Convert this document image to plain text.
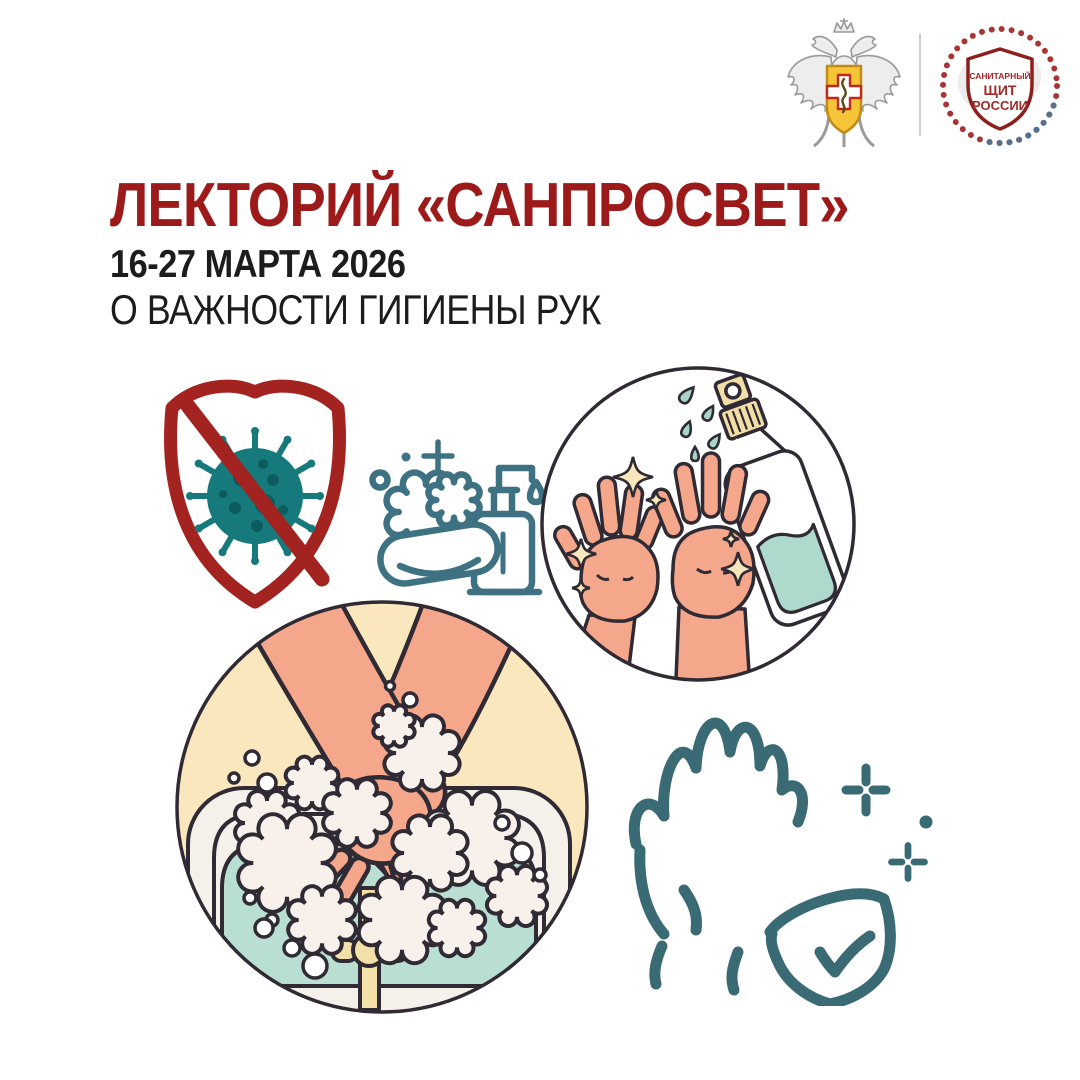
САНИТАРНЫЙ
ЩИТ
РОССИИ
ЛЕКТОРИЙ «САНПРОСВЕТ»
16-27 МАРТА 2026
О ВАЖНОСТИ ГИГИЕНЫ РУК
